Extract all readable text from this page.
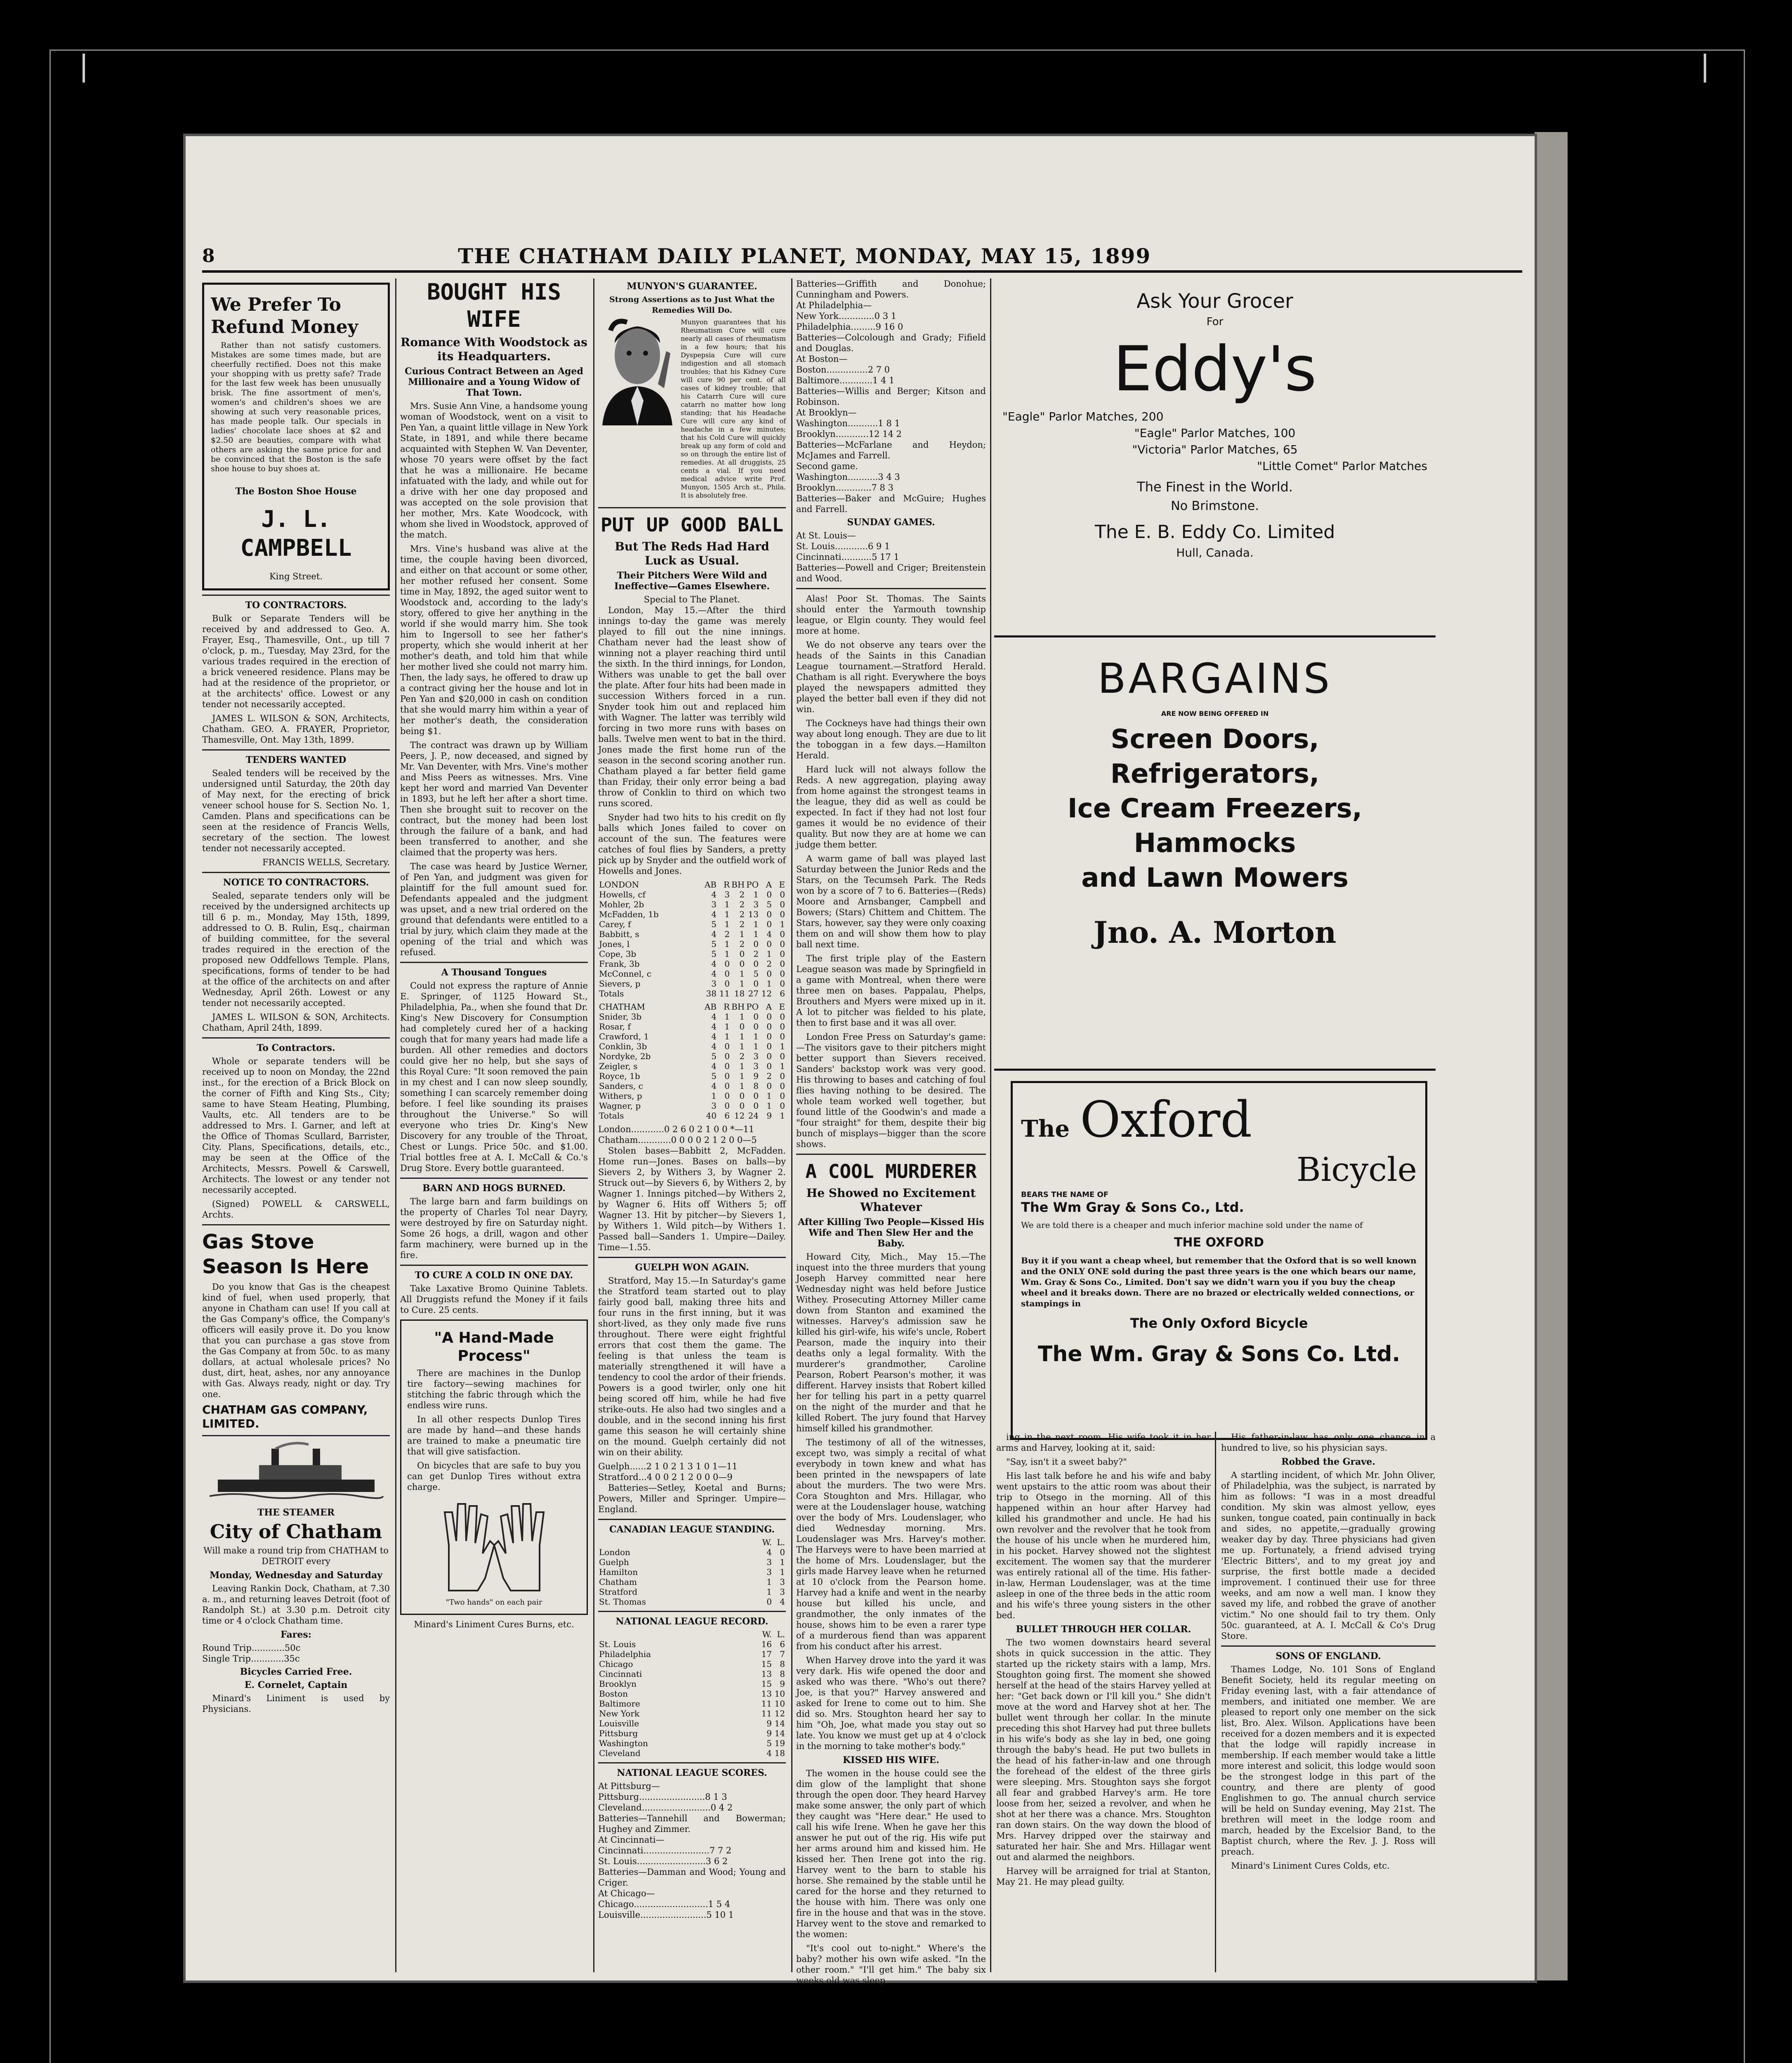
8	THE CHATHAM DAILY PLANET, MONDAY, MAY 15, 1899
We Prefer To Refund Money

Rather than not satisfy customers. Mistakes are some times made, but are cheerfully rectified. Does not this make your shopping with us pretty safe? Trade for the last few week has been unusually brisk. The fine assortment of men's, women's and children's shoes we are showing at such very reasonable prices, has made people talk. Our specials in ladies' chocolate lace shoes at $2 and $2.50 are beauties, compare with what others are asking the same price for and be convinced that the Boston is the safe shoe house to buy shoes at.

The Boston Shoe House
J. L. CAMPBELL
King Street.
TO CONTRACTORS.

Bulk or Separate Tenders will be received by and addressed to Geo. A. Frayer, Esq., Thamesville, Ont., up till 7 o'clock, p. m., Tuesday, May 23rd, for the various trades required in the erection of a brick veneered residence. Plans may be had at the residence of the proprietor, or at the architects' office. Lowest or any tender not necessarily accepted.

JAMES L. WILSON & SON, Architects, Chatham. GEO. A. FRAYER, Proprietor, Thamesville, Ont. May 13th, 1899.

TENDERS WANTED

Sealed tenders will be received by the undersigned until Saturday, the 20th day of May next, for the erecting of brick veneer school house for S. Section No. 1, Camden. Plans and specifications can be seen at the residence of Francis Wells, secretary of the section. The lowest tender not necessarily accepted.

FRANCIS WELLS, Secretary.

NOTICE TO CONTRACTORS.

Sealed, separate tenders only will be received by the undersigned architects up till 6 p. m., Monday, May 15th, 1899, addressed to O. B. Rulin, Esq., chairman of building committee, for the several trades required in the erection of the proposed new Oddfellows Temple. Plans, specifications, forms of tender to be had at the office of the architects on and after Wednesday, April 26th. Lowest or any tender not necessarily accepted.

JAMES L. WILSON & SON, Architects. Chatham, April 24th, 1899.

To Contractors.

Whole or separate tenders will be received up to noon on Monday, the 22nd inst., for the erection of a Brick Block on the corner of Fifth and King Sts., City; same to have Steam Heating, Plumbing, Vaults, etc. All tenders are to be addressed to Mrs. I. Garner, and left at the Office of Thomas Scullard, Barrister, City. Plans, Specifications, details, etc., may be seen at the Office of the Architects, Messrs. Powell & Carswell, Architects. The lowest or any tender not necessarily accepted.

(Signed) POWELL & CARSWELL, Archts.

Gas Stove Season Is Here

Do you know that Gas is the cheapest kind of fuel, when used properly, that anyone in Chatham can use! If you call at the Gas Company's office, the Company's officers will easily prove it. Do you know that you can purchase a gas stove from the Gas Company at from 50c. to as many dollars, at actual wholesale prices? No dust, dirt, heat, ashes, nor any annoyance with Gas. Always ready, night or day. Try one.

CHATHAM GAS COMPANY, LIMITED.
THE STEAMER
City of Chatham

Will make a round trip from CHATHAM to DETROIT every

Monday, Wednesday and Saturday

Leaving Rankin Dock, Chatham, at 7.30 a. m., and returning leaves Detroit (foot of Randolph St.) at 3.30 p.m. Detroit city time or 4 o'clock Chatham time.

Fares:
Round Trip............50c
Single Trip............35c
Bicycles Carried Free.
E. Cornelet, Captain

Minard's Liniment is used by Physicians.

BOUGHT HIS WIFE
Romance With Woodstock as its Headquarters.
Curious Contract Between an Aged Millionaire and a Young Widow of That Town.

Mrs. Susie Ann Vine, a handsome young woman of Woodstock, went on a visit to Pen Yan, a quaint little village in New York State, in 1891, and while there became acquainted with Stephen W. Van Deventer, whose 70 years were offset by the fact that he was a millionaire. He became infatuated with the lady, and while out for a drive with her one day proposed and was accepted on the sole provision that her mother, Mrs. Kate Woodcock, with whom she lived in Woodstock, approved of the match.

Mrs. Vine's husband was alive at the time, the couple having been divorced, and either on that account or some other, her mother refused her consent. Some time in May, 1892, the aged suitor went to Woodstock and, according to the lady's story, offered to give her anything in the world if she would marry him. She took him to Ingersoll to see her father's property, which she would inherit at her mother's death, and told him that while her mother lived she could not marry him. Then, the lady says, he offered to draw up a contract giving her the house and lot in Pen Yan and $20,000 in cash on condition that she would marry him within a year of her mother's death, the consideration being $1.

The contract was drawn up by William Peers, J. P., now deceased, and signed by Mr. Van Deventer, with Mrs. Vine's mother and Miss Peers as witnesses. Mrs. Vine kept her word and married Van Deventer in 1893, but he left her after a short time. Then she brought suit to recover on the contract, but the money had been lost through the failure of a bank, and had been transferred to another, and she claimed that the property was hers.

The case was heard by Justice Werner, of Pen Yan, and judgment was given for plaintiff for the full amount sued for. Defendants appealed and the judgment was upset, and a new trial ordered on the ground that defendants were entitled to a trial by jury, which claim they made at the opening of the trial and which was refused.

A Thousand Tongues

Could not express the rapture of Annie E. Springer, of 1125 Howard St., Philadelphia, Pa., when she found that Dr. King's New Discovery for Consumption had completely cured her of a hacking cough that for many years had made life a burden. All other remedies and doctors could give her no help, but she says of this Royal Cure: "It soon removed the pain in my chest and I can now sleep soundly, something I can scarcely remember doing before. I feel like sounding its praises throughout the Universe." So will everyone who tries Dr. King's New Discovery for any trouble of the Throat, Chest or Lungs. Price 50c. and $1.00. Trial bottles free at A. I. McCall & Co.'s Drug Store. Every bottle guaranteed.

BARN AND HOGS BURNED.

The large barn and farm buildings on the property of Charles Tol near Dayry, were destroyed by fire on Saturday night. Some 26 hogs, a drill, wagon and other farm machinery, were burned up in the fire.

TO CURE A COLD IN ONE DAY.

Take Laxative Bromo Quinine Tablets. All Druggists refund the Money if it fails to Cure. 25 cents.

"A Hand-Made Process"

There are machines in the Dunlop tire factory—sewing machines for stitching the fabric through which the endless wire runs.

In all other respects Dunlop Tires are made by hand—and these hands are trained to make a pneumatic tire that will give satisfaction.

On bicycles that are safe to buy you can get Dunlop Tires without extra charge.

"Two hands" on each pair
Minard's Liniment Cures Burns, etc.
MUNYON'S GUARANTEE.
Strong Assertions as to Just What the Remedies Will Do.

Munyon guarantees that his Rheumatism Cure will cure nearly all cases of rheumatism in a few hours; that his Dyspepsia Cure will cure indigestion and all stomach troubles; that his Kidney Cure will cure 90 per cent. of all cases of kidney trouble; that his Catarrh Cure will cure catarrh no matter how long standing; that his Headache Cure will cure any kind of headache in a few minutes; that his Cold Cure will quickly break up any form of cold and so on through the entire list of remedies. At all druggists, 25 cents a vial. If you need medical advice write Prof. Munyon, 1505 Arch st., Phila. It is absolutely free.

PUT UP GOOD BALL
But The Reds Had Hard Luck as Usual.
Their Pitchers Were Wild and Ineffective—Games Elsewhere.
Special to The Planet.

London, May 15.—After the third innings to-day the game was merely played to fill out the nine innings. Chatham never had the least show of winning not a player reaching third until the sixth. In the third innings, for London, Withers was unable to get the ball over the plate. After four hits had been made in succession Withers forced in a run. Snyder took him out and replaced him with Wagner. The latter was terribly wild forcing in two more runs with bases on balls. Twelve men went to bat in the third. Jones made the first home run of the season in the second scoring another run. Chatham played a far better field game than Friday, their only error being a bad throw of Conklin to third on which two runs scored.

Snyder had two hits to his credit on fly balls which Jones failed to cover on account of the sun. The features were catches of foul flies by Sanders, a pretty pick up by Snyder and the outfield work of Howells and Jones.

LONDON	AB	R	BH	PO	A	E
Howells, cf	4	3	2	1	0	0
Mohler, 2b	3	1	2	3	5	0
McFadden, 1b	4	1	2	13	0	0
Carey, f	5	1	2	1	0	1
Babbitt, s	4	2	1	1	4	0
Jones, l	5	1	2	0	0	0
Cope, 3b	5	1	0	2	1	0
Frank, 3b	4	0	0	0	2	0
McConnel, c	4	0	1	5	0	0
Sievers, p	3	0	1	0	1	0
Totals	38	11	18	27	12	6
CHATHAM	AB	R	BH	PO	A	E
Snider, 3b	4	1	1	0	0	0
Rosar, f	4	1	0	0	0	0
Crawford, 1	4	1	1	1	0	0
Conklin, 3b	4	0	1	1	0	1
Nordyke, 2b	5	0	2	3	0	0
Zeigler, s	4	0	1	3	0	1
Royce, 1b	5	0	1	9	2	0
Sanders, c	4	0	1	8	0	0
Withers, p	1	0	0	0	1	0
Wagner, p	3	0	0	0	1	0
Totals	40	6	12	24	9	1
London............0 2 6 0 2 1 0 0 *—11
Chatham............0 0 0 0 2 1 2 0 0—5

Stolen bases—Babbitt 2, McFadden. Home run—Jones. Bases on balls—by Sievers 2, by Withers 3, by Wagner 2. Struck out—by Sievers 6, by Withers 2, by Wagner 1. Innings pitched—by Withers 2, by Wagner 6. Hits off Withers 5; off Wagner 13. Hit by pitcher—by Sievers 1, by Withers 1. Wild pitch—by Withers 1. Passed ball—Sanders 1. Umpire—Dailey. Time—1.55.

GUELPH WON AGAIN.

Stratford, May 15.—In Saturday's game the Stratford team started out to play fairly good ball, making three hits and four runs in the first inning, but it was short-lived, as they only made five runs throughout. There were eight frightful errors that cost them the game. The feeling is that unless the team is materially strengthened it will have a tendency to cool the ardor of their friends. Powers is a good twirler, only one hit being scored off him, while he had five strike-outs. He also had two singles and a double, and in the second inning his first game this season he will certainly shine on the mound. Guelph certainly did not win on their ability.

Guelph......2 1 0 2 1 3 1 0 1—11
Stratford...4 0 0 2 1 2 0 0 0—9

Batteries—Setley, Koetal and Burns; Powers, Miller and Springer. Umpire—England.

CANADIAN LEAGUE STANDING.
	W.	L.
London	4	0
Guelph	3	1
Hamilton	3	1
Chatham	1	3
Stratford	1	3
St. Thomas	0	4
NATIONAL LEAGUE RECORD.
	W.	L.
St. Louis	16	6
Philadelphia	17	7
Chicago	15	8
Cincinnati	13	8
Brooklyn	15	9
Boston	13	10
Baltimore	11	10
New York	11	12
Louisville	9	14
Pittsburg	9	14
Washington	5	19
Cleveland	4	18
NATIONAL LEAGUE SCORES.
At Pittsburg—
Pittsburg........................8 1 3
Cleveland.........................0 4 2
Batteries—Tannehill and Bowerman; Hughey and Zimmer.
At Cincinnati—
Cincinnati........................7 7 2
St. Louis.........................3 6 2
Batteries—Damman and Wood; Young and Criger.
At Chicago—
Chicago...........................1 5 4
Louisville........................5 10 1
Batteries—Griffith and Donohue; Cunningham and Powers.
At Philadelphia—
New York.............0 3 1
Philadelphia.........9 16 0
Batteries—Colcolough and Grady; Fifield and Douglas.
At Boston—
Boston...............2 7 0
Baltimore............1 4 1
Batteries—Willis and Berger; Kitson and Robinson.
At Brooklyn—
Washington...........1 8 1
Brooklyn............12 14 2
Batteries—McFarlane and Heydon; McJames and Farrell.
Second game.
Washington...........3 4 3
Brooklyn.............7 8 3
Batteries—Baker and McGuire; Hughes and Farrell.
SUNDAY GAMES.
At St. Louis—
St. Louis............6 9 1
Cincinnati...........5 17 1
Batteries—Powell and Criger; Breitenstein and Wood.

Alas! Poor St. Thomas. The Saints should enter the Yarmouth township league, or Elgin county. They would feel more at home.

We do not observe any tears over the heads of the Saints in this Canadian League tournament.—Stratford Herald. Chatham is all right. Everywhere the boys played the newspapers admitted they played the better ball even if they did not win.

The Cockneys have had things their own way about long enough. They are due to lit the toboggan in a few days.—Hamilton Herald.

Hard luck will not always follow the Reds. A new aggregation, playing away from home against the strongest teams in the league, they did as well as could be expected. In fact if they had not lost four games it would be no evidence of their quality. But now they are at home we can judge them better.

A warm game of ball was played last Saturday between the Junior Reds and the Stars, on the Tecumseh Park. The Reds won by a score of 7 to 6. Batteries—(Reds) Moore and Arnsbanger, Campbell and Bowers; (Stars) Chittem and Chittem. The Stars, however, say they were only coaxing them on and will show them how to play ball next time.

The first triple play of the Eastern League season was made by Springfield in a game with Montreal, when there were three men on bases. Pappalau, Phelps, Brouthers and Myers were mixed up in it. A lot to pitcher was fielded to his plate, then to first base and it was all over.

London Free Press on Saturday's game:—The visitors gave to their pitchers might better support than Sievers received. Sanders' backstop work was very good. His throwing to bases and catching of foul flies having nothing to be desired. The whole team worked well together, but found little of the Goodwin's and made a "four straight" for them, despite their big bunch of misplays—bigger than the score shows.

A COOL MURDERER
He Showed no Excitement Whatever
After Killing Two People—Kissed His Wife and Then Slew Her and the Baby.

Howard City, Mich., May 15.—The inquest into the three murders that young Joseph Harvey committed near here Wednesday night was held before Justice Withey. Prosecuting Attorney Miller came down from Stanton and examined the witnesses. Harvey's admission saw he killed his girl-wife, his wife's uncle, Robert Pearson, made the inquiry into their deaths only a legal formality. With the murderer's grandmother, Caroline Pearson, Robert Pearson's mother, it was different. Harvey insists that Robert killed her for telling his part in a petty quarrel on the night of the murder and that he killed Robert. The jury found that Harvey himself killed his grandmother.

The testimony of all of the witnesses, except two, was simply a recital of what everybody in town knew and what has been printed in the newspapers of late about the murders. The two were Mrs. Cora Stoughton and Mrs. Hillagar, who were at the Loudenslager house, watching over the body of Mrs. Loudenslager, who died Wednesday morning. Mrs. Loudenslager was Mrs. Harvey's mother. The Harveys were to have been married at the home of Mrs. Loudenslager, but the girls made Harvey leave when he returned at 10 o'clock from the Pearson home. Harvey had a knife and went in the nearby house but killed his uncle, and grandmother, the only inmates of the house, shows him to be even a rarer type of a murderous fiend than was apparent from his conduct after his arrest.

When Harvey drove into the yard it was very dark. His wife opened the door and asked who was there. "Who's out there? Joe, is that you?" Harvey answered and asked for Irene to come out to him. She did so. Mrs. Stoughton heard her say to him "Oh, Joe, what made you stay out so late. You know we must get up at 4 o'clock in the morning to take mother's body."

KISSED HIS WIFE.

The women in the house could see the dim glow of the lamplight that shone through the open door. They heard Harvey make some answer, the only part of which they caught was "Here dear." He used to call his wife Irene. When he gave her this answer he put out of the rig. His wife put her arms around him and kissed him. He kissed her. Then Irene got into the rig. Harvey went to the barn to stable his horse. She remained by the stable until he cared for the horse and they returned to the house with him. There was only one fire in the house and that was in the stove. Harvey went to the stove and remarked to the women:

"It's cool out to-night." Where's the baby? mother his own wife asked. "In the other room." "I'll get him." The baby six weeks old was sleep

Ask Your Grocer
For
Eddy's
"Eagle" Parlor Matches, 200
"Eagle" Parlor Matches, 100
"Victoria" Parlor Matches, 65
"Little Comet" Parlor Matches
The Finest in the World.
No Brimstone.
The E. B. Eddy Co. Limited
Hull, Canada.
BARGAINS
ARE NOW BEING OFFERED IN
Screen Doors,
Refrigerators,
Ice Cream Freezers,
Hammocks
and Lawn Mowers
Jno. A. Morton
The Oxford
Bicycle
BEARS THE NAME OF
The Wm Gray & Sons Co., Ltd.
We are told there is a cheaper and much inferior machine sold under the name of
THE OXFORD
Buy it if you want a cheap wheel, but remember that the Oxford that is so well known and the ONLY ONE sold during the past three years is the one which bears our name, Wm. Gray & Sons Co., Limited. Don't say we didn't warn you if you buy the cheap wheel and it breaks down. There are no brazed or electrically welded connections, or stampings in
The Only Oxford Bicycle
The Wm. Gray & Sons Co. Ltd.

ing in the next room. His wife took it in her arms and Harvey, looking at it, said:

"Say, isn't it a sweet baby?"

His last talk before he and his wife and baby went upstairs to the attic room was about their trip to Otsego in the morning. All of this happened within an hour after Harvey had killed his grandmother and uncle. He had his own revolver and the revolver that he took from the house of his uncle when he murdered him, in his pocket. Harvey showed not the slightest excitement. The women say that the murderer was entirely rational all of the time. His father-in-law, Herman Loudenslager, was at the time asleep in one of the three beds in the attic room and his wife's three young sisters in the other bed.

BULLET THROUGH HER COLLAR.

The two women downstairs heard several shots in quick succession in the attic. They started up the rickety stairs with a lamp, Mrs. Stoughton going first. The moment she showed herself at the head of the stairs Harvey yelled at her: "Get back down or I'll kill you." She didn't move at the word and Harvey shot at her. The bullet went through her collar. In the minute preceding this shot Harvey had put three bullets in his wife's body as she lay in bed, one going through the baby's head. He put two bullets in the head of his father-in-law and one through the forehead of the eldest of the three girls were sleeping. Mrs. Stoughton says she forgot all fear and grabbed Harvey's arm. He tore loose from her, seized a revolver, and when he shot at her there was a chance. Mrs. Stoughton ran down stairs. On the way down the blood of Mrs. Harvey dripped over the stairway and saturated her hair. She and Mrs. Hillagar went out and alarmed the neighbors.

Harvey will be arraigned for trial at Stanton, May 21. He may plead guilty.

His father-in-law has only one chance in a hundred to live, so his physician says.

Robbed the Grave.

A startling incident, of which Mr. John Oliver, of Philadelphia, was the subject, is narrated by him as follows: "I was in a most dreadful condition. My skin was almost yellow, eyes sunken, tongue coated, pain continually in back and sides, no appetite,—gradually growing weaker day by day. Three physicians had given me up. Fortunately, a friend advised trying 'Electric Bitters', and to my great joy and surprise, the first bottle made a decided improvement. I continued their use for three weeks, and am now a well man. I know they saved my life, and robbed the grave of another victim." No one should fail to try them. Only 50c. guaranteed, at A. I. McCall & Co's Drug Store.

SONS OF ENGLAND.

Thames Lodge, No. 101 Sons of England Benefit Society, held its regular meeting on Friday evening last, with a fair attendance of members, and initiated one member. We are pleased to report only one member on the sick list, Bro. Alex. Wilson. Applications have been received for a dozen members and it is expected that the lodge will rapidly increase in membership. If each member would take a little more interest and solicit, this lodge would soon be the strongest lodge in this part of the country, and there are plenty of good Englishmen to go. The annual church service will be held on Sunday evening, May 21st. The brethren will meet in the lodge room and march, headed by the Excelsior Band, to the Baptist church, where the Rev. J. J. Ross will preach.

Minard's Liniment Cures Colds, etc.
